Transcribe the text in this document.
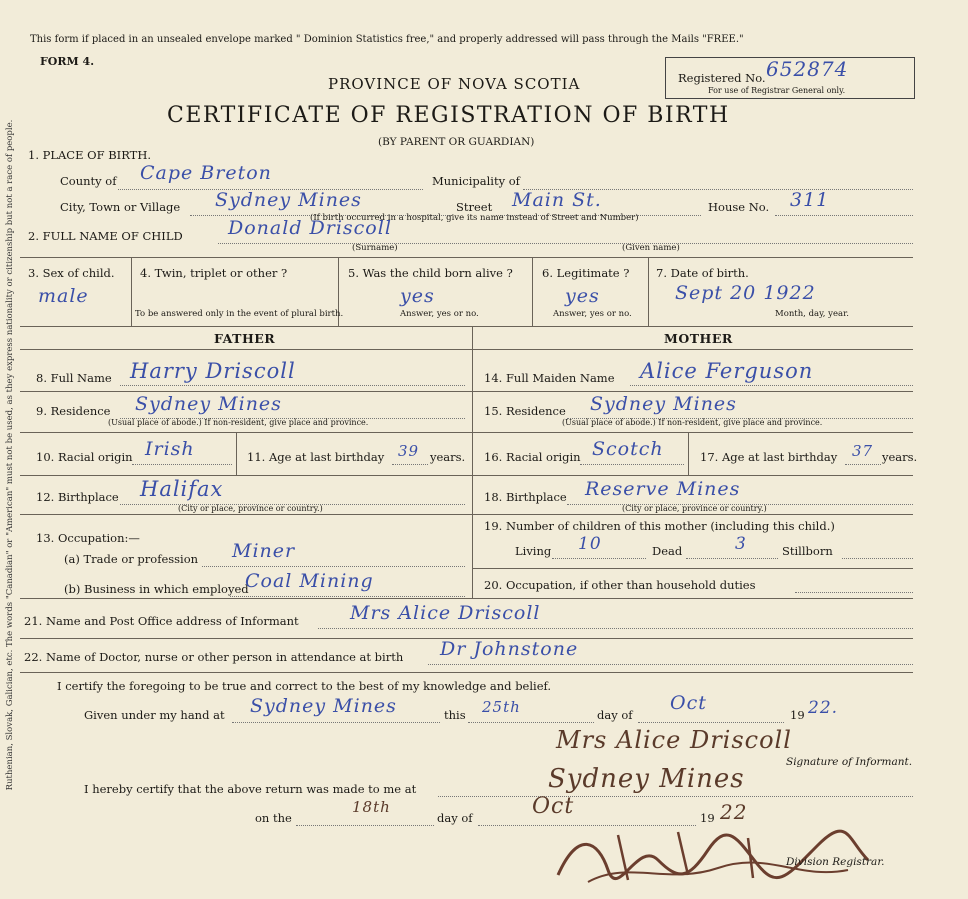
Ruthenian, Slovak, Galician, etc. The words "Canadian" or "American" must not be used, as they express nationality or citizenship but not a race of people.
This form if placed in an unsealed envelope marked " Dominion Statistics free," and properly addressed will pass through the Mails "FREE."
FORM 4.
PROVINCE OF NOVA SCOTIA
CERTIFICATE OF REGISTRATION OF BIRTH
(BY PARENT OR GUARDIAN)
Registered No. 652874
For use of Registrar General only.
1. PLACE OF BIRTH.
County of Cape Breton	Municipality of
City, Town or Village Sydney Mines	Street Main St.	House No. 311
(If birth occurred in a hospital, give its name instead of Street and Number)
2. FULL NAME OF CHILD Donald Driscoll
(Surname)	(Given name)
3. Sex of child.
male
4. Twin, triplet or other ?
To be answered only in the event of plural birth.
5. Was the child born alive ?
yes
Answer, yes or no.
6. Legitimate ?
yes
Answer, yes or no.
7. Date of birth.
Sept 20 1922
Month, day, year.
FATHER	MOTHER
8. Full Name Harry Driscoll	14. Full Maiden Name Alice Ferguson
9. Residence Sydney Mines
(Usual place of abode.) If non-resident, give place and province.
15. Residence Sydney Mines
(Usual place of abode.) If non-resident, give place and province.
10. Racial origin Irish	11. Age at last birthday 39 years. 16. Racial origin Scotch	17. Age at last birthday 37 years.
12. Birthplace Halifax
(City or place, province or country.)
18. Birthplace Reserve Mines
(City or place, province or country.)
13. Occupation:—
(a) Trade or profession Miner
(b) Business in which employed
Coal Mining
19. Number of children of this mother (including this child.)
Living 10	Dead	3	Stillborn
20. Occupation, if other than household duties
21. Name and Post Office address of Informant	Mrs Alice Driscoll
22. Name of Doctor, nurse or other person in attendance at birth Dr Johnstone
I certify the foregoing to be true and correct to the best of my knowledge and belief.
Given under my hand at Sydney Mines	this 25th	day of
Oct
19 22.
Mrs Alice Driscoll
Signature of Informant.
I hereby certify that the above return was made to me at	Sydney Mines
on the
18th
day of	Oct	19 22
Division Registrar.
